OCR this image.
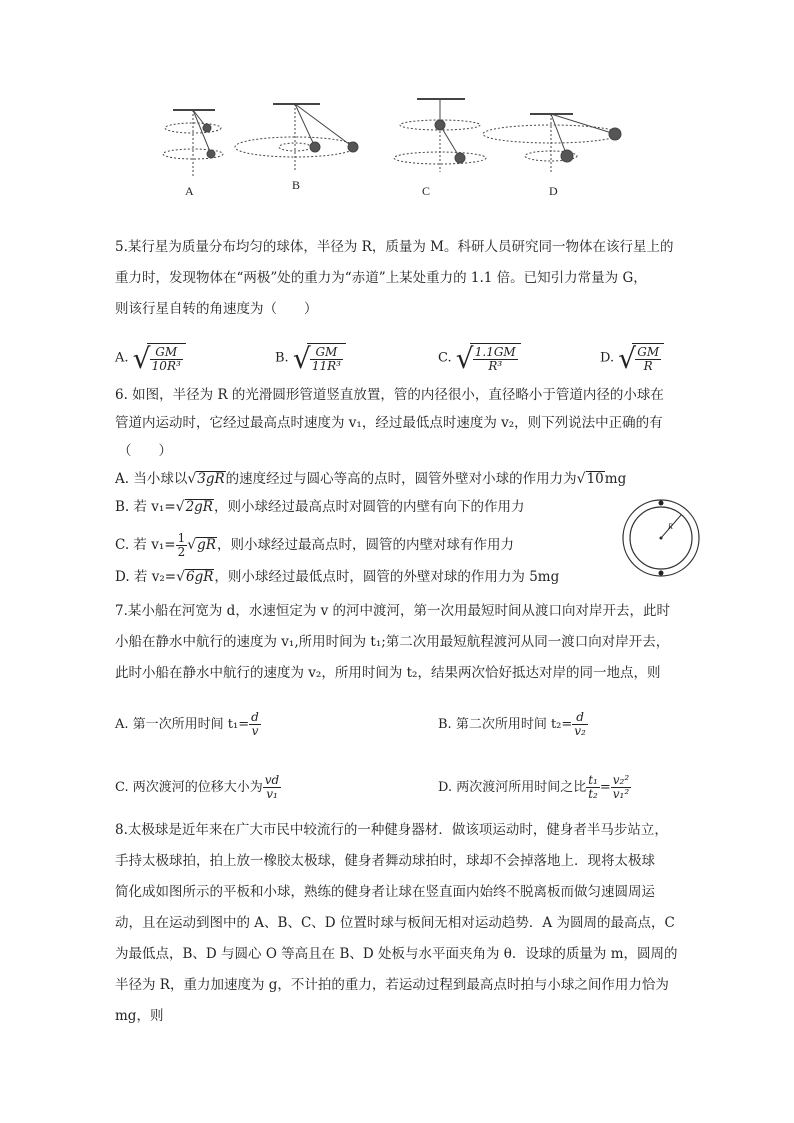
A	B	C	D
5.某行星为质量分布均匀的球体，半径为 R，质量为 M。科研人员研究同一物体在该行星上的
重力时，发现物体在“两极”处的重力为“赤道”上某处重力的 1.1 倍。已知引力常量为 G，
则该行星自转的角速度为（　　）
A. √ $\frac{GM}{\text{10R³}}$	B. √ $\frac{GM}{\text{11R³}}$	C. √ $\frac{1.1GM}{\text{R³}}$	D. √ $\frac{GM}{R}$
6. 如图，半径为 R 的光滑圆形管道竖直放置，管的内径很小，直径略小于管道内径的小球在
管道内运动时，它经过最高点时速度为 v₁，经过最低点时速度为 v₂，则下列说法中正确的有
（　　）
A. 当小球以√3gR的速度经过与圆心等高的点时，圆管外壁对小球的作用力为√10mg
B. 若 v₁=√2gR，则小球经过最高点时对圆管的内壁有向下的作用力
C. 若 $v_1= \frac{1}{2} √gR$，则小球经过最高点时，圆管的内壁对球有作用力
D. 若 v₂=√6gR，则小球经过最低点时，圆管的外壁对球的作用力为 5mg
R
7.某小船在河宽为 d，水速恒定为 v 的河中渡河，第一次用最短时间从渡口向对岸开去，此时
小船在静水中航行的速度为 v₁,所用时间为 t₁;第二次用最短航程渡河从同一渡口向对岸开去，
此时小船在静水中航行的速度为 v₂，所用时间为 t₂，结果两次恰好抵达对岸的同一地点，则
A. 第一次所用时间 $t_1= \frac{d}{v}$	B. 第二次所用时间 $t_2= \frac{d}{\text{v₂}}$
C. 两次渡河的位移大小为 $\frac{vd}{\text{v₁}}$	D. 两次渡河所用时间之比 $\frac{\text{t₁}}{\text{t₂}} = \frac{\text{v₂²}}{\text{v₁²}}$
8.太极球是近年来在广大市民中较流行的一种健身器材．做该项运动时，健身者半马步站立，
手持太极球拍，拍上放一橡胶太极球，健身者舞动球拍时，球却不会掉落地上．现将太极球
简化成如图所示的平板和小球，熟练的健身者让球在竖直面内始终不脱离板而做匀速圆周运
动，且在运动到图中的 A、B、C、D 位置时球与板间无相对运动趋势．A 为圆周的最高点，C
为最低点，B、D 与圆心 O 等高且在 B、D 处板与水平面夹角为 θ．设球的质量为 m，圆周的
半径为 R，重力加速度为 g，不计拍的重力，若运动过程到最高点时拍与小球之间作用力恰为
mg，则
